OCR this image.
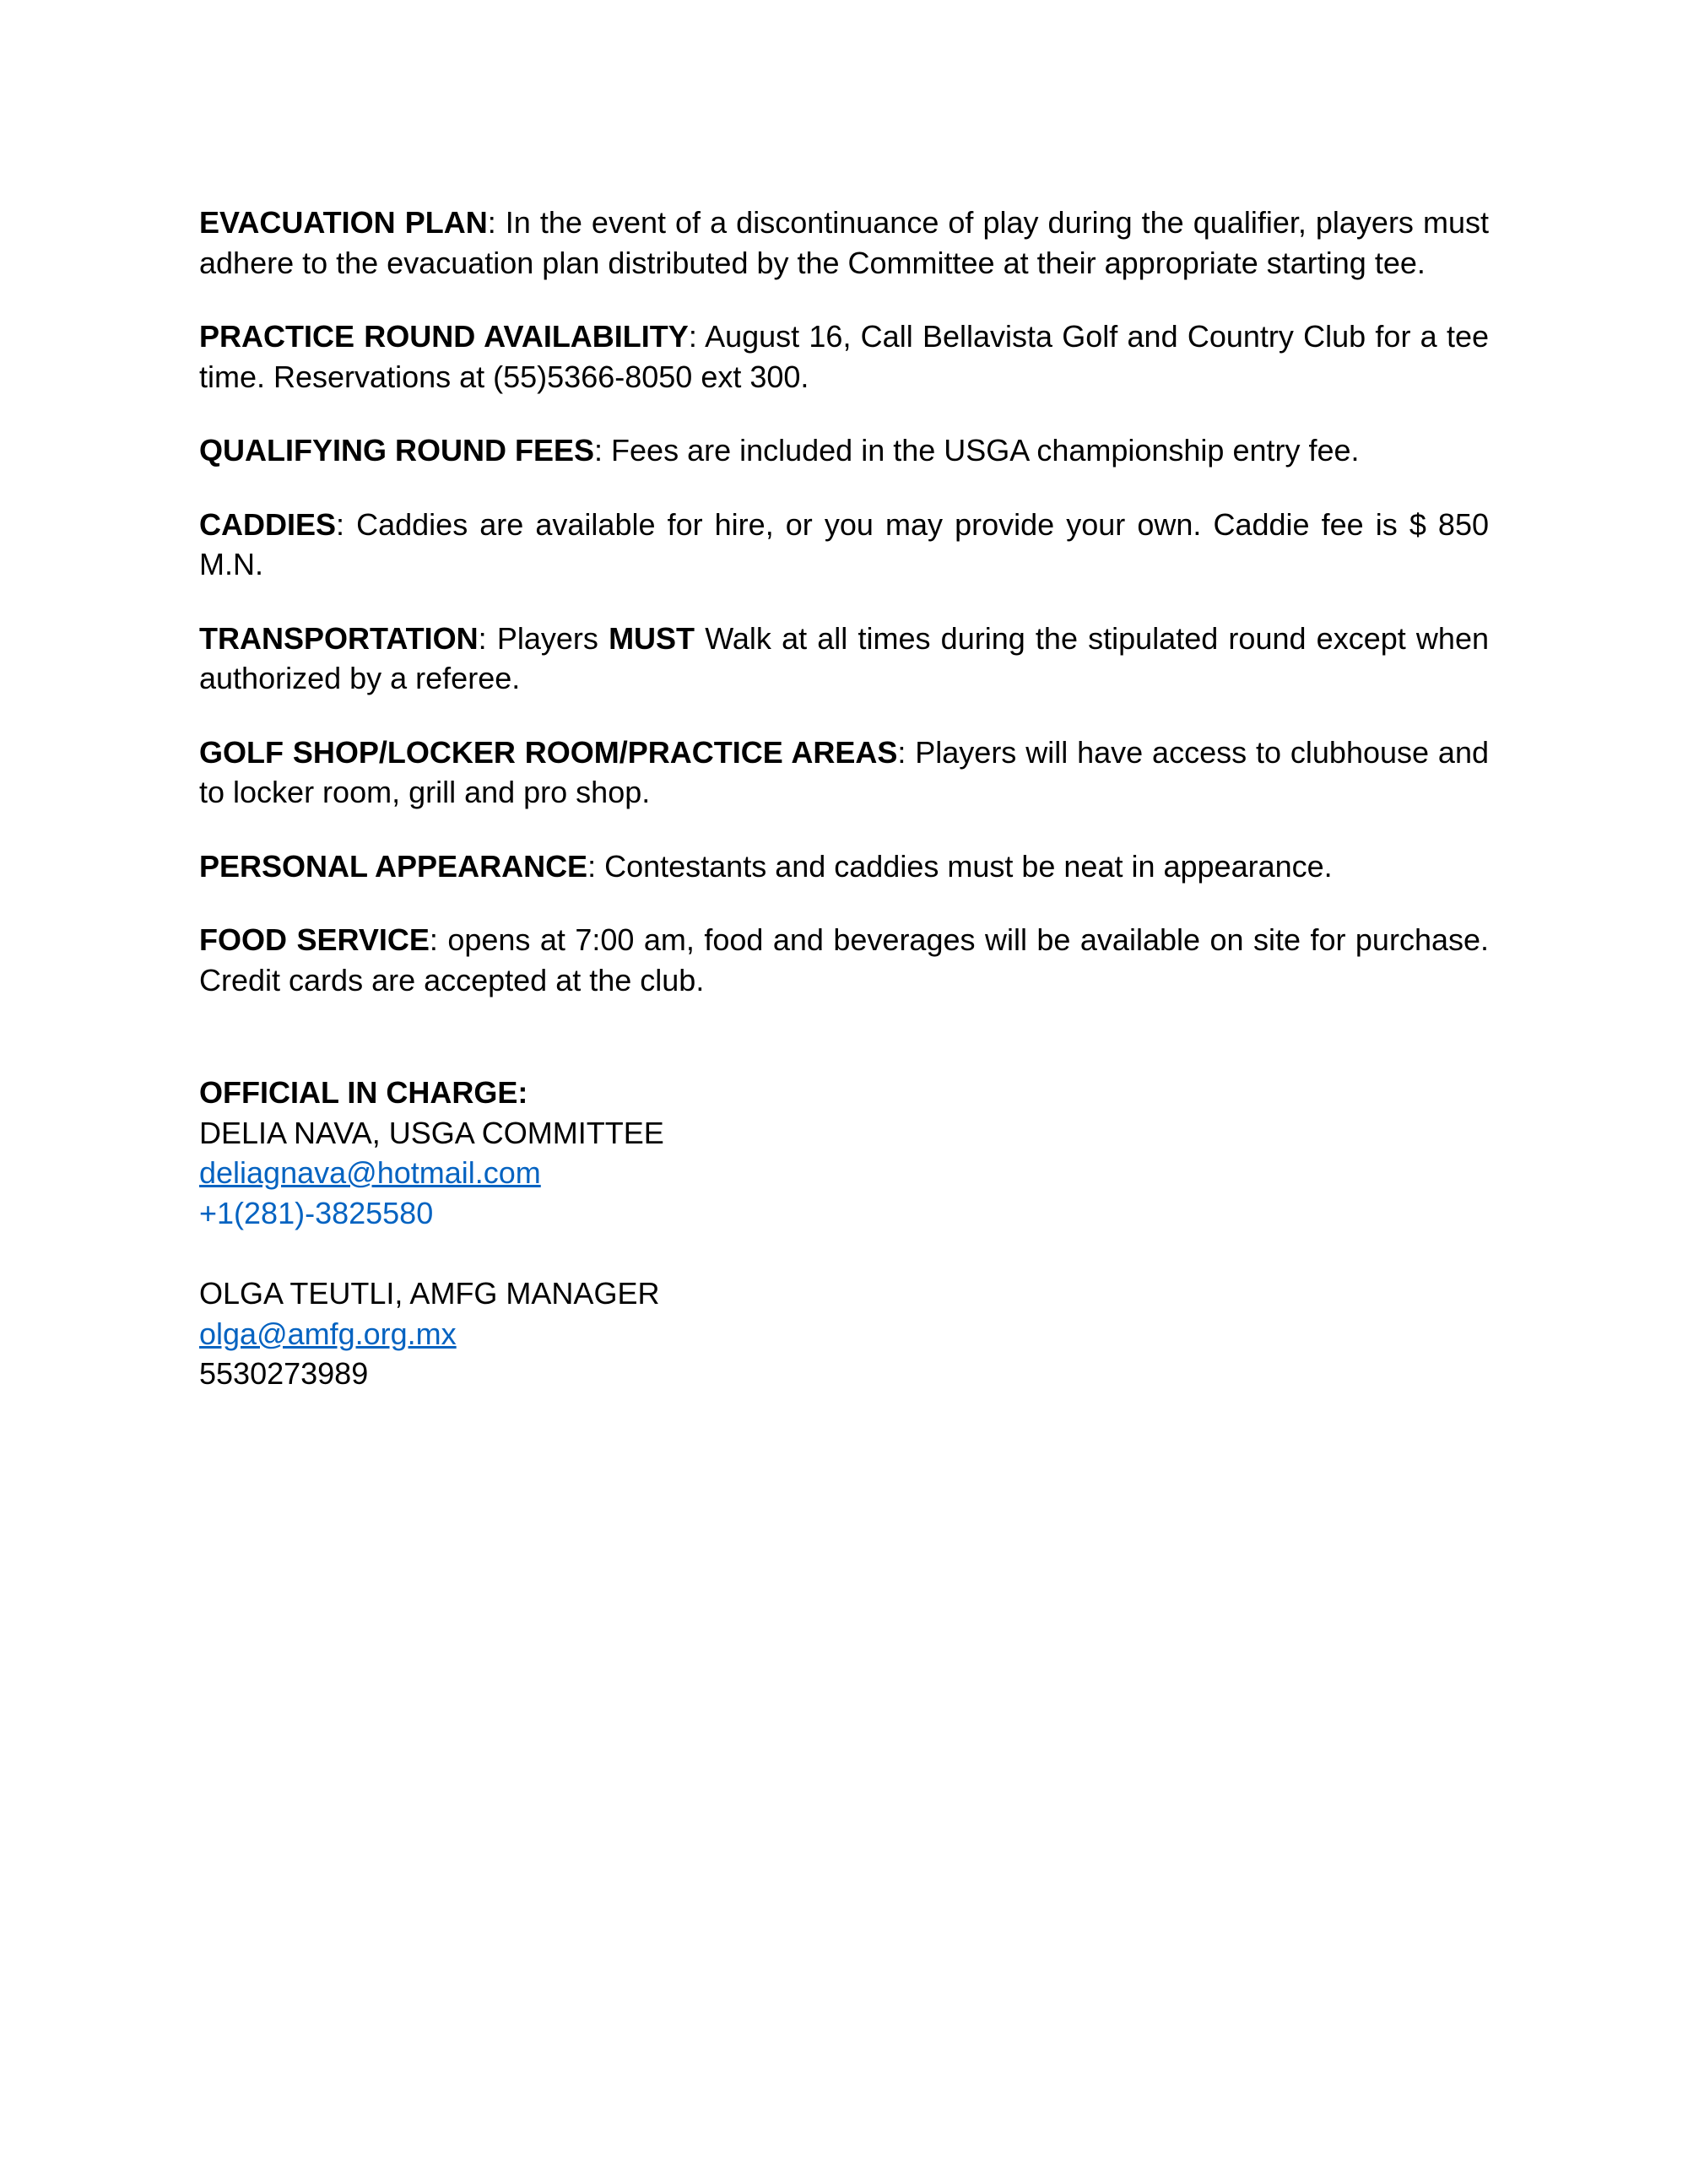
EVACUATION PLAN: In the event of a discontinuance of play during the qualifier, players must adhere to the evacuation plan distributed by the Committee at their appropriate starting tee.

PRACTICE ROUND AVAILABILITY: August 16, Call Bellavista Golf and Country Club for a tee time. Reservations at (55)5366-8050 ext 300.

QUALIFYING ROUND FEES: Fees are included in the USGA championship entry fee.

CADDIES: Caddies are available for hire, or you may provide your own. Caddie fee is $ 850 M.N.

TRANSPORTATION: Players MUST Walk at all times during the stipulated round except when authorized by a referee.

GOLF SHOP/LOCKER ROOM/PRACTICE AREAS: Players will have access to clubhouse and to locker room, grill and pro shop.

PERSONAL APPEARANCE: Contestants and caddies must be neat in appearance.

FOOD SERVICE: opens at 7:00 am, food and beverages will be available on site for purchase. Credit cards are accepted at the club.

OFFICIAL IN CHARGE:
DELIA NAVA, USGA COMMITTEE
deliagnava@hotmail.com
+1(281)-3825580
OLGA TEUTLI, AMFG MANAGER
olga@amfg.org.mx
5530273989
